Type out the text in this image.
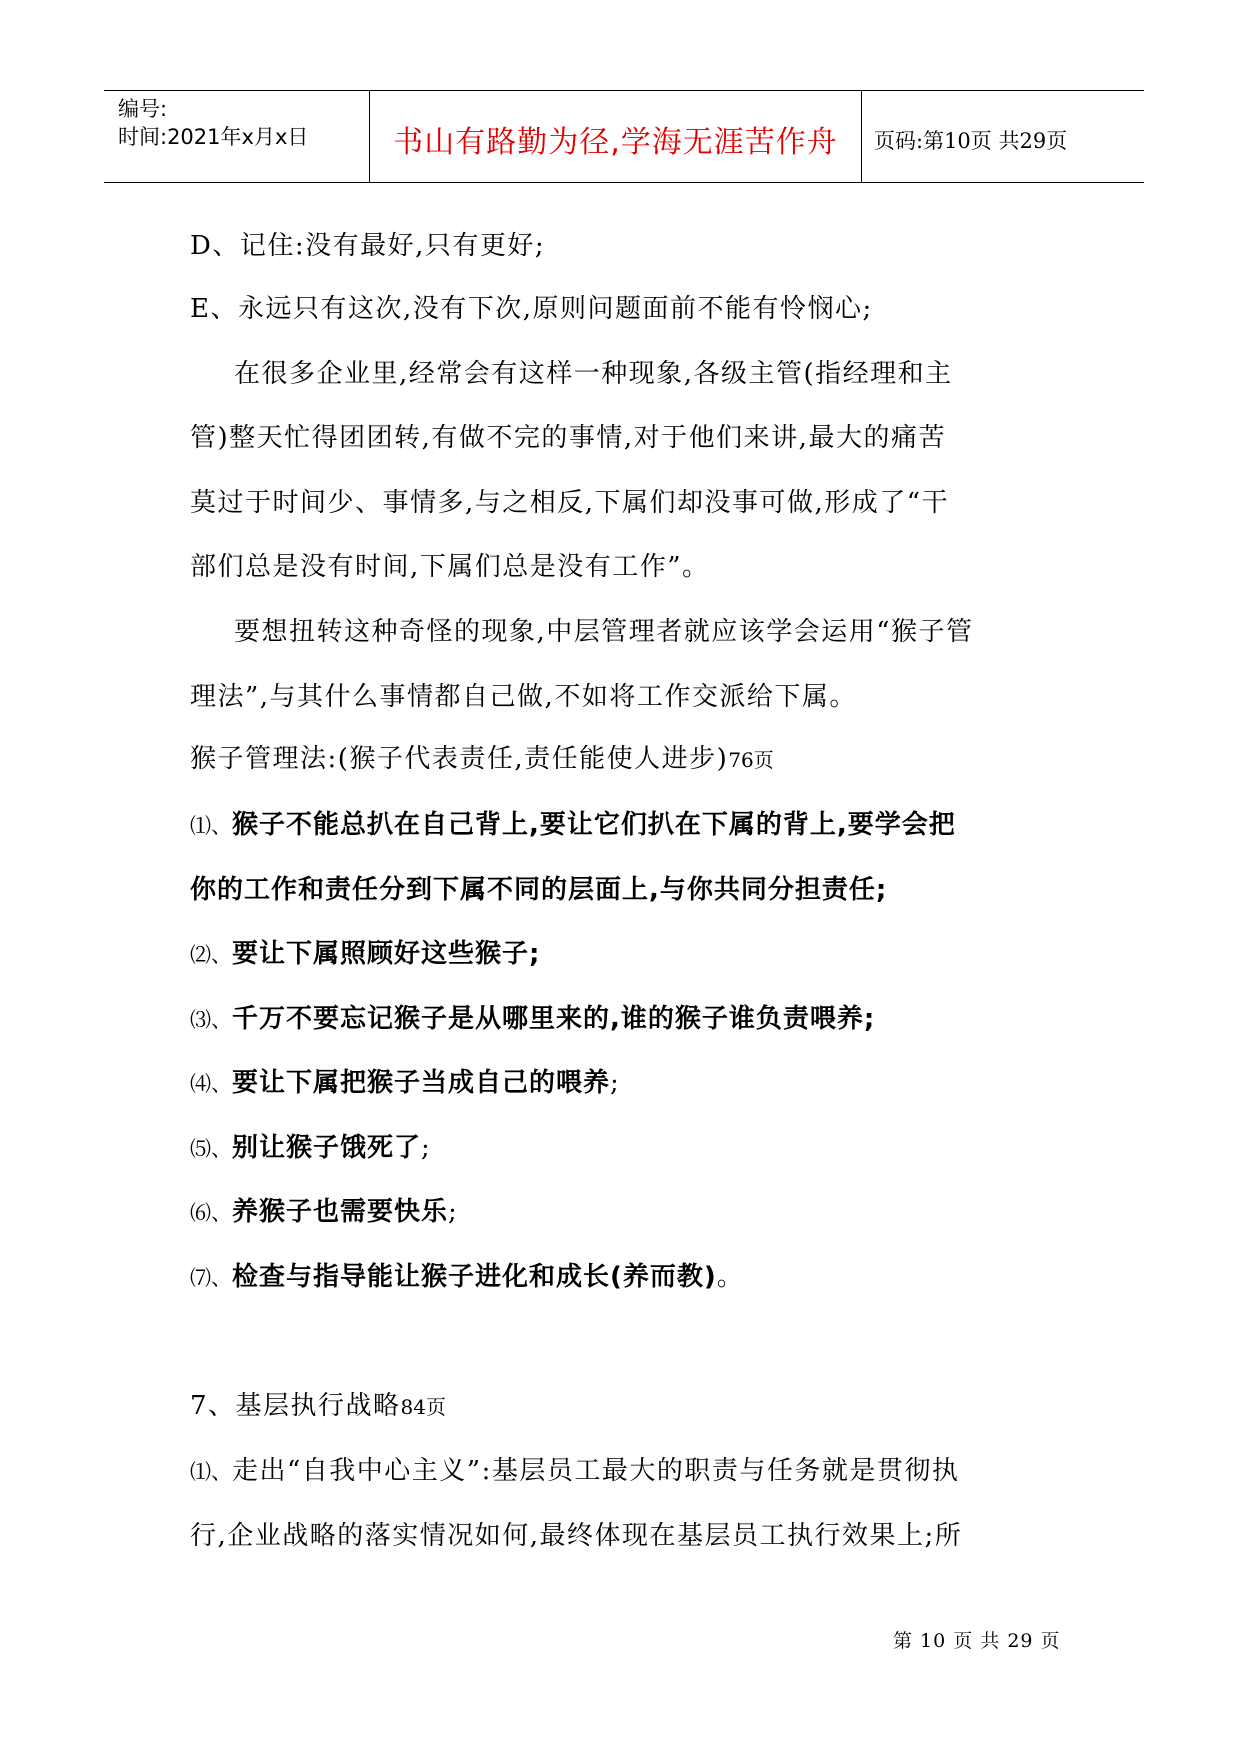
编号:
时间:2021年x月x日	书山有路勤为径,学海无涯苦作舟	页码:第10页 共29页
D、记住:没有最好,只有更好;
E、永远只有这次,没有下次,原则问题面前不能有怜悯心;
在很多企业里,经常会有这样一种现象,各级主管(指经理和主
管)整天忙得团团转,有做不完的事情,对于他们来讲,最大的痛苦
莫过于时间少、事情多,与之相反,下属们却没事可做,形成了“干
部们总是没有时间,下属们总是没有工作”。
要想扭转这种奇怪的现象,中层管理者就应该学会运用“猴子管
理法”,与其什么事情都自己做,不如将工作交派给下属。
猴子管理法:(猴子代表责任,责任能使人进步)76页
⑴、猴子不能总扒在自己背上,要让它们扒在下属的背上,要学会把
你的工作和责任分到下属不同的层面上,与你共同分担责任;
⑵、要让下属照顾好这些猴子;
⑶、千万不要忘记猴子是从哪里来的,谁的猴子谁负责喂养;
⑷、要让下属把猴子当成自己的喂养;
⑸、别让猴子饿死了;
⑹、养猴子也需要快乐;
⑺、检查与指导能让猴子进化和成长(养而教)。
7、基层执行战略84页
⑴、走出“自我中心主义”:基层员工最大的职责与任务就是贯彻执
行,企业战略的落实情况如何,最终体现在基层员工执行效果上;所
第 10 页 共 29 页
